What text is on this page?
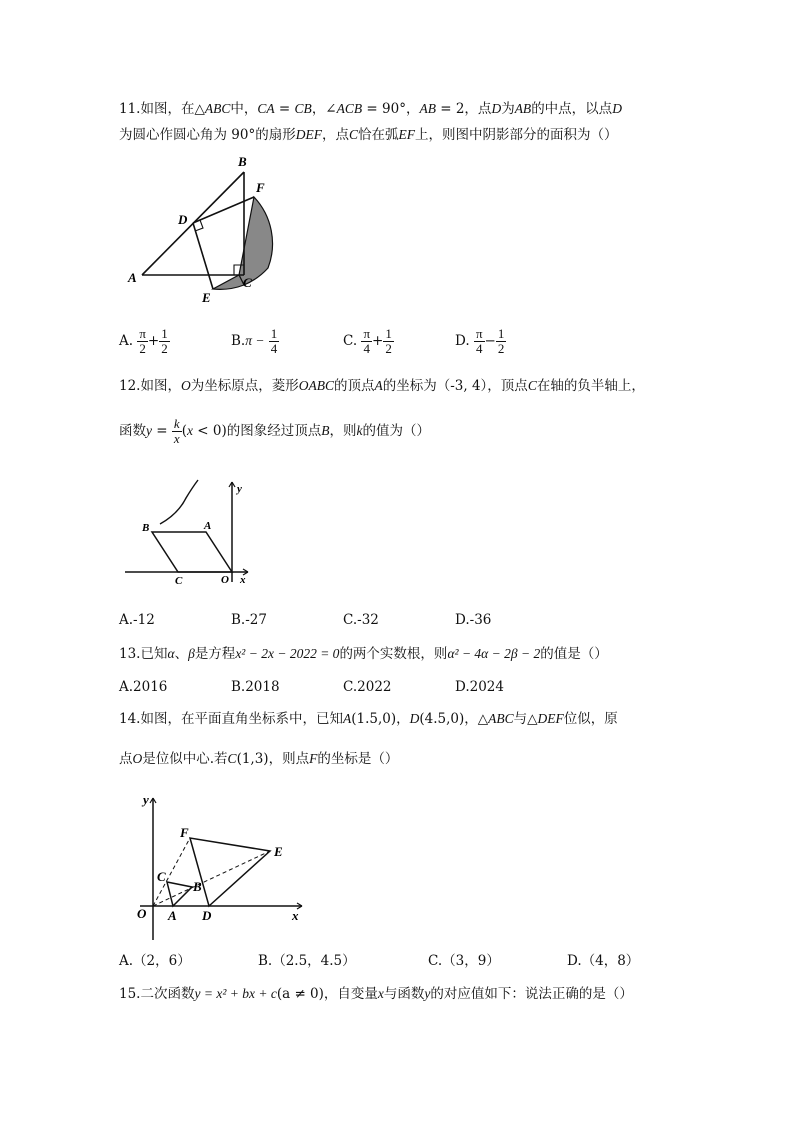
11.如图，在△ABC中，CA = CB，∠ACB = 90°，AB = 2，点D为AB的中点，以点D
为圆心作圆心角为 90°的扇形DEF，点C恰在弧EF上，则图中阴影部分的面积为（）
A
B
C
D
E
F
A. $\frac{\pi}{2} + \frac{1}{2}$	$B.\pi - \frac{1}{4}$	C. $\frac{\pi}{4} + \frac{1}{2}$	D. $\frac{\pi}{4} - \frac{1}{2}$
12.如图，O为坐标原点，菱形OABC的顶点A的坐标为（-3, 4），顶点C在轴的负半轴上，
函数$y = \frac{k}{x} (x < 0)$的图象经过顶点B，则k的值为（）
y
B	A
C	O x
A.-12	B.-27	C.-32	D.-36
13.已知α、β是方程x² − 2x − 2022 = 0的两个实数根，则α² − 4α − 2β − 2的值是（）
A.2016	B.2018	C.2022	D.2024
14.如图，在平面直角坐标系中，已知A(1.5,0)，D(4.5,0)，△ABC与△DEF位似，原
点O是位似中心.若C(1,3)，则点F的坐标是（）
y
F
E
C
B
O A D	x
A.（2，6）	B.（2.5，4.5）	C.（3，9）	D.（4，8）
15.二次函数y = x² + bx + c(a ≠ 0)，自变量x与函数y的对应值如下：说法正确的是（）
